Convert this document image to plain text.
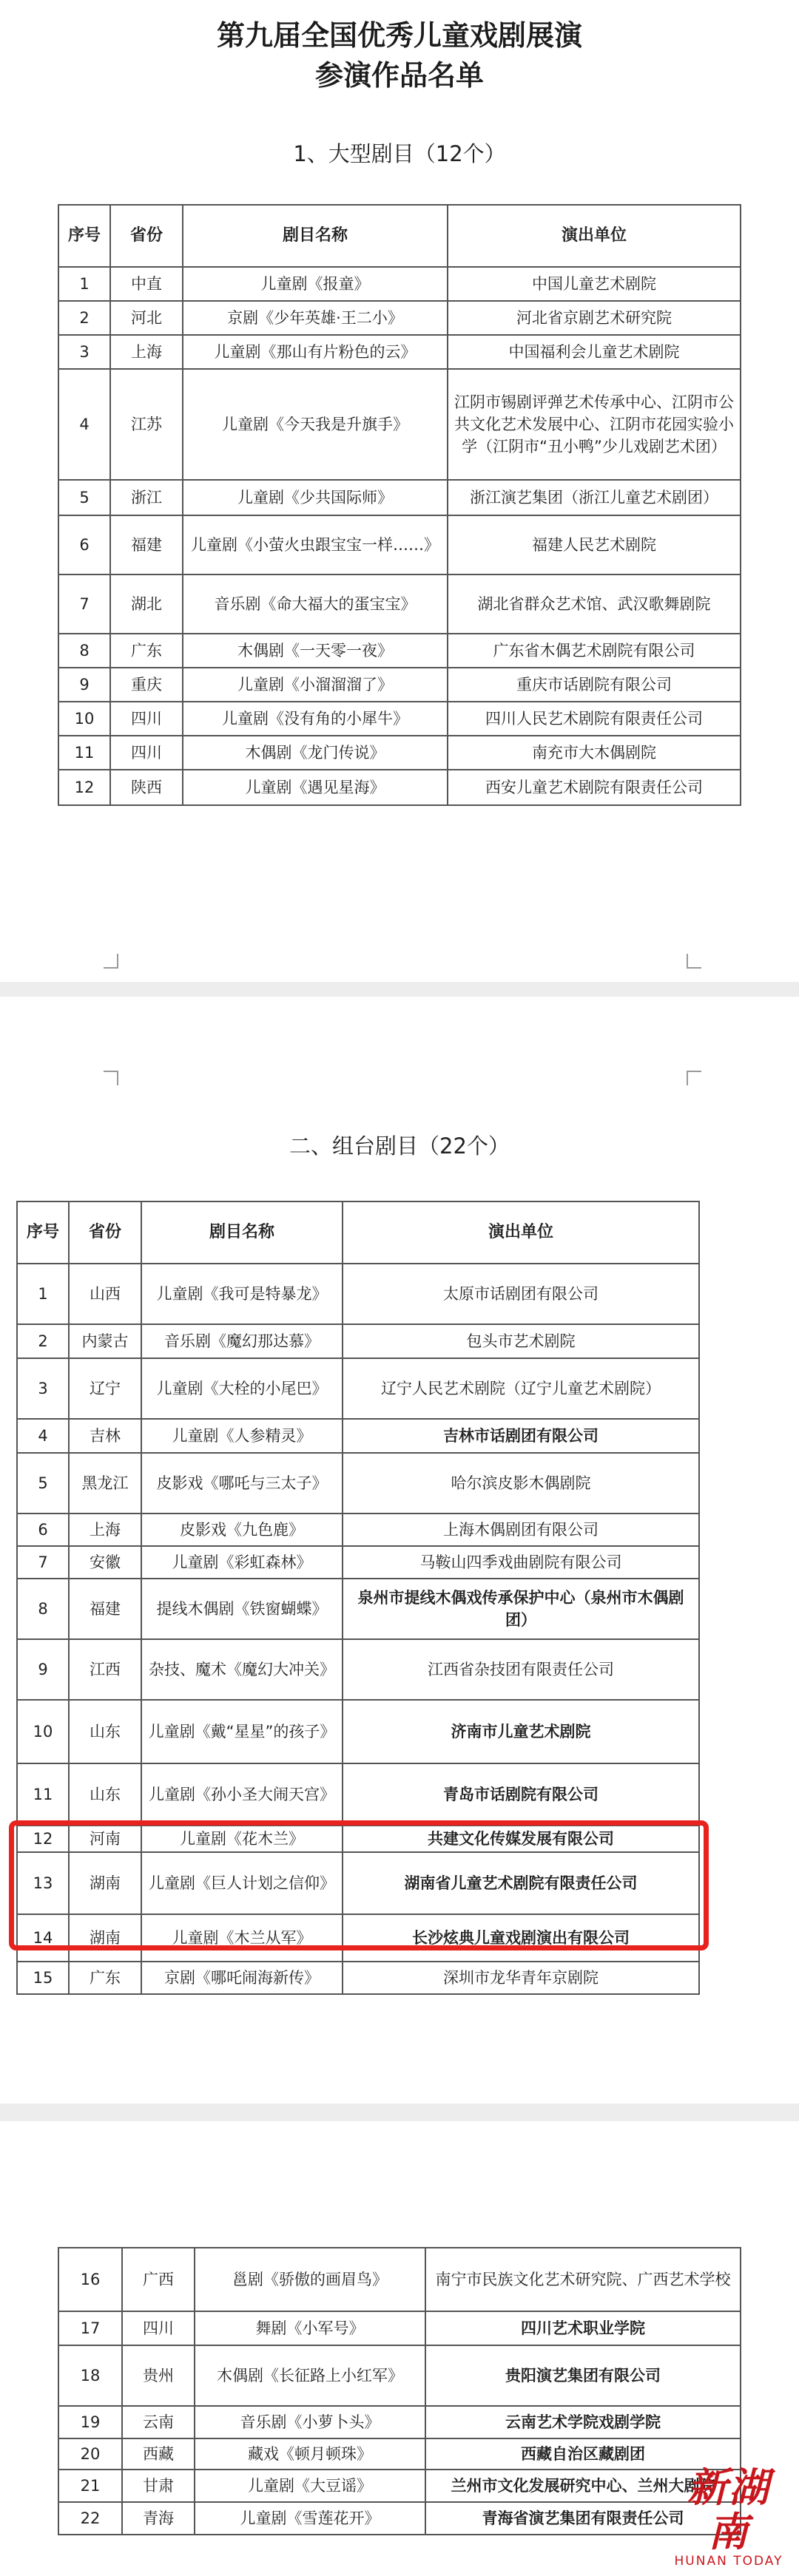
第九届全国优秀儿童戏剧展演
参演作品名单
1、大型剧目（12个）
序号	省份	剧目名称	演出单位
1	中直	儿童剧《报童》	中国儿童艺术剧院
2	河北	京剧《少年英雄·王二小》	河北省京剧艺术研究院
3	上海	儿童剧《那山有片粉色的云》	中国福利会儿童艺术剧院
4	江苏	儿童剧《今天我是升旗手》	江阴市锡剧评弹艺术传承中心、江阴市公共文化艺术发展中心、江阴市花园实验小学（江阴市“丑小鸭”少儿戏剧艺术团）
5	浙江	儿童剧《少共国际师》	浙江演艺集团（浙江儿童艺术剧团）
6	福建	儿童剧《小萤火虫跟宝宝一样……》	福建人民艺术剧院
7	湖北	音乐剧《命大福大的蛋宝宝》	湖北省群众艺术馆、武汉歌舞剧院
8	广东	木偶剧《一天零一夜》	广东省木偶艺术剧院有限公司
9	重庆	儿童剧《小溜溜溜了》	重庆市话剧院有限公司
10	四川	儿童剧《没有角的小犀牛》	四川人民艺术剧院有限责任公司
11	四川	木偶剧《龙门传说》	南充市大木偶剧院
12	陕西	儿童剧《遇见星海》	西安儿童艺术剧院有限责任公司
二、组台剧目（22个）
序号	省份	剧目名称	演出单位
1	山西	儿童剧《我可是特暴龙》	太原市话剧团有限公司
2	内蒙古	音乐剧《魔幻那达慕》	包头市艺术剧院
3	辽宁	儿童剧《大栓的小尾巴》	辽宁人民艺术剧院（辽宁儿童艺术剧院）
4	吉林	儿童剧《人参精灵》	吉林市话剧团有限公司
5	黑龙江	皮影戏《哪吒与三太子》	哈尔滨皮影木偶剧院
6	上海	皮影戏《九色鹿》	上海木偶剧团有限公司
7	安徽	儿童剧《彩虹森林》	马鞍山四季戏曲剧院有限公司
8	福建	提线木偶剧《铁窗蝴蝶》	泉州市提线木偶戏传承保护中心（泉州市木偶剧团）
9	江西	杂技、魔术《魔幻大冲关》	江西省杂技团有限责任公司
10	山东	儿童剧《戴“星星”的孩子》	济南市儿童艺术剧院
11	山东	儿童剧《孙小圣大闹天宫》	青岛市话剧院有限公司
12	河南	儿童剧《花木兰》	共建文化传媒发展有限公司
13	湖南	儿童剧《巨人计划之信仰》	湖南省儿童艺术剧院有限责任公司
14	湖南	儿童剧《木兰从军》	长沙炫典儿童戏剧演出有限公司
15	广东	京剧《哪吒闹海新传》	深圳市龙华青年京剧院
16	广西	邕剧《骄傲的画眉鸟》	南宁市民族文化艺术研究院、广西艺术学校
17	四川	舞剧《小军号》	四川艺术职业学院
18	贵州	木偶剧《长征路上小红军》	贵阳演艺集团有限公司
19	云南	音乐剧《小萝卜头》	云南艺术学院戏剧学院
20	西藏	藏戏《顿月顿珠》	西藏自治区藏剧团
21	甘肃	儿童剧《大豆谣》	兰州市文化发展研究中心、兰州大剧院
22	青海	儿童剧《雪莲花开》	青海省演艺集团有限责任公司
新湖南
HUNAN TODAY
